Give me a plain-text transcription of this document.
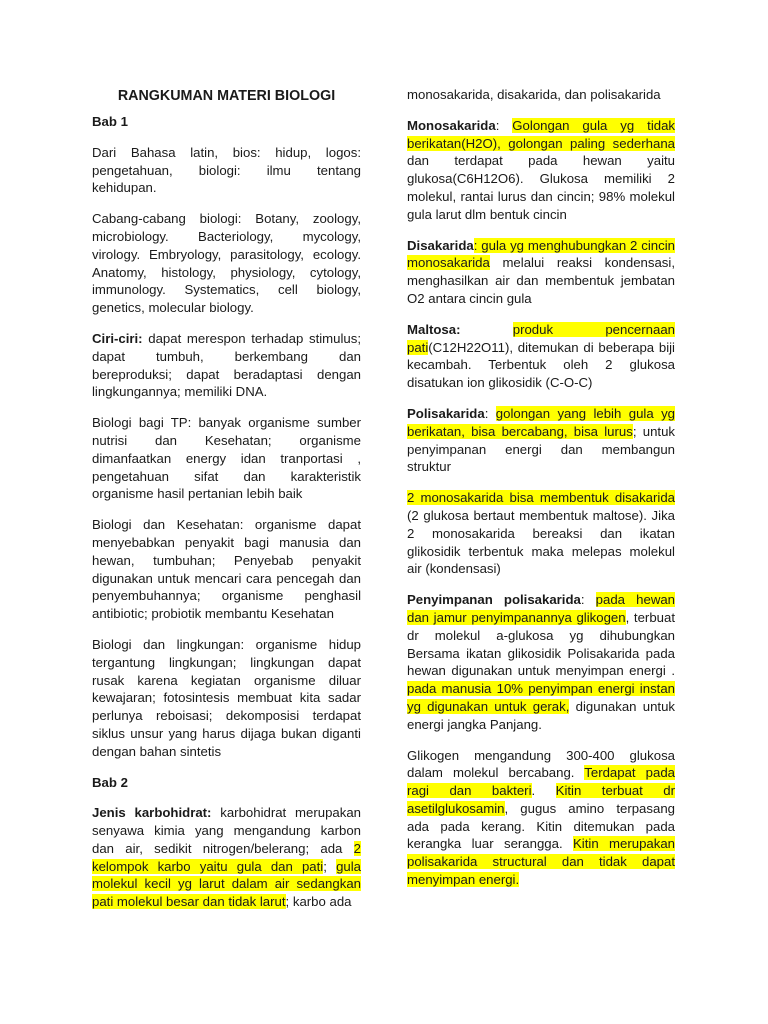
RANGKUMAN MATERI BIOLOGI
Bab 1

Dari Bahasa latin, bios: hidup, logos: pengetahuan, biologi: ilmu tentang kehidupan.

Cabang-cabang biologi: Botany, zoology, microbiology. Bacteriology, mycology, virology. Embryology, parasitology, ecology. Anatomy, histology, physiology, cytology, immunology. Systematics, cell biology, genetics, molecular biology.

Ciri-ciri: dapat merespon terhadap stimulus; dapat tumbuh, berkembang dan bereproduksi; dapat beradaptasi dengan lingkungannya; memiliki DNA.

Biologi bagi TP: banyak organisme sumber nutrisi dan Kesehatan; organisme dimanfaatkan energy idan tranportasi , pengetahuan sifat dan karakteristik organisme hasil pertanian lebih baik

Biologi dan Kesehatan: organisme dapat menyebabkan penyakit bagi manusia dan hewan, tumbuhan; Penyebab penyakit digunakan untuk mencari cara pencegah dan penyembuhannya; organisme penghasil antibiotic; probiotik membantu Kesehatan

Biologi dan lingkungan: organisme hidup tergantung lingkungan; lingkungan dapat rusak karena kegiatan organisme diluar kewajaran; fotosintesis membuat kita sadar perlunya reboisasi; dekomposisi terdapat siklus unsur yang harus dijaga bukan diganti dengan bahan sintetis

Bab 2

Jenis karbohidrat: karbohidrat merupakan senyawa kimia yang mengandung karbon dan air, sedikit nitrogen/belerang; ada 2 kelompok karbo yaitu gula dan pati; gula molekul kecil yg larut dalam air sedangkan pati molekul besar dan tidak larut; karbo ada

monosakarida, disakarida, dan polisakarida

Monosakarida: Golongan gula yg tidak berikatan(H2O), golongan paling sederhana dan terdapat pada hewan yaitu glukosa(C6H12O6). Glukosa memiliki 2 molekul, rantai lurus dan cincin; 98% molekul gula larut dlm bentuk cincin

Disakarida: gula yg menghubungkan 2 cincin monosakarida melalui reaksi kondensasi, menghasilkan air dan membentuk jembatan O2 antara cincin gula

Maltosa:	produk pencernaan pati(C12H22O11), ditemukan di beberapa biji kecambah. Terbentuk oleh 2 glukosa disatukan ion glikosidik (C-O-C)

Polisakarida: golongan yang lebih gula yg berikatan, bisa bercabang, bisa lurus; untuk penyimpanan energi dan membangun struktur

2 monosakarida bisa membentuk disakarida (2 glukosa bertaut membentuk maltose). Jika 2 monosakarida bereaksi dan ikatan glikosidik terbentuk maka melepas molekul air (kondensasi)

Penyimpanan polisakarida: pada hewan dan jamur penyimpanannya glikogen, terbuat dr molekul a-glukosa yg dihubungkan Bersama ikatan glikosidik Polisakarida pada hewan digunakan untuk menyimpan energi . pada manusia 10% penyimpan energi instan yg digunakan untuk gerak, digunakan untuk energi jangka Panjang.

Glikogen mengandung 300-400 glukosa dalam molekul bercabang. Terdapat pada ragi dan bakteri. Kitin terbuat dr asetilglukosamin, gugus amino terpasang ada pada kerang. Kitin ditemukan pada kerangka luar serangga. Kitin merupakan polisakarida structural dan tidak dapat menyimpan energi.
